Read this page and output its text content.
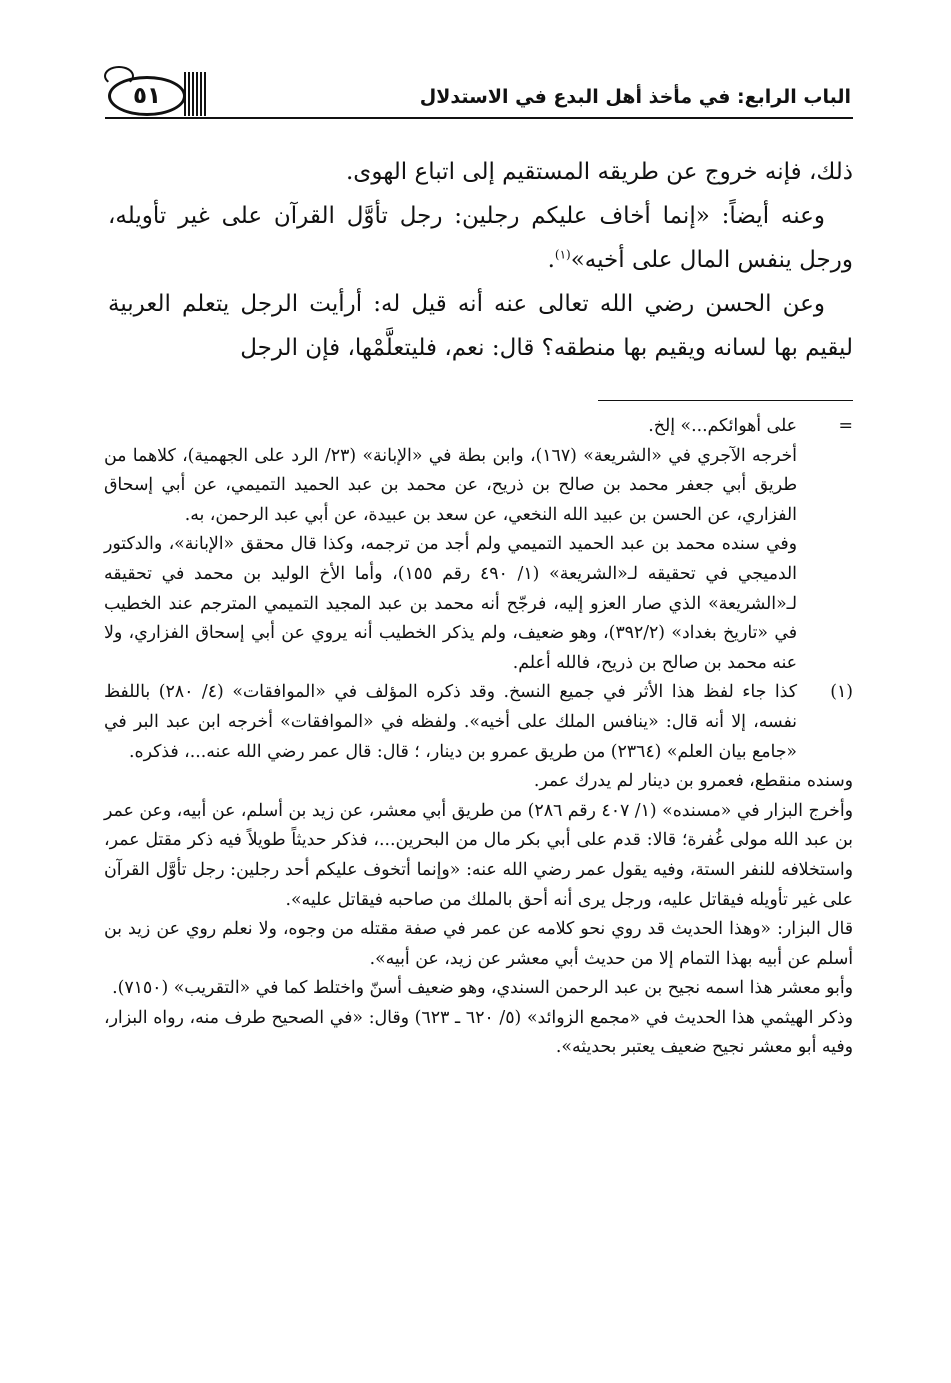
الباب الرابع: في مأخذ أهل البدع في الاستدلال
٥١

ذلك، فإنه خروج عن طريقه المستقيم إلى اتباع الهوى.

وعنه أيضاً: «إنما أخاف عليكم رجلين: رجل تأوَّل القرآن على غير تأويله، ورجل ينفس المال على أخيه»$^{(١)}$.

وعن الحسن رضي الله تعالى عنه أنه قيل له: أرأيت الرجل يتعلم العربية ليقيم بها لسانه ويقيم بها منطقه؟ قال: نعم، فليتعلَّمْها، فإن الرجل

=

على أهوائكم...» إلخ.

أخرجه الآجري في «الشريعة» (١٦٧)، وابن بطة في «الإبانة» (٢٣/ الرد على الجهمية)، كلاهما من طريق أبي جعفر محمد بن صالح بن ذريح، عن محمد بن عبد الحميد التميمي، عن أبي إسحاق الفزاري، عن الحسن بن عبيد الله النخعي، عن سعد بن عبيدة، عن أبي عبد الرحمن، به.

وفي سنده محمد بن عبد الحميد التميمي ولم أجد من ترجمه، وكذا قال محقق «الإبانة»، والدكتور الدميجي في تحقيقه لـ«الشريعة» (١/ ٤٩٠ رقم ١٥٥)، وأما الأخ الوليد بن محمد في تحقيقه لـ«الشريعة» الذي صار العزو إليه، فرجّح أنه محمد بن عبد المجيد التميمي المترجم عند الخطيب في «تاريخ بغداد» (٣٩٢/٢)، وهو ضعيف، ولم يذكر الخطيب أنه يروي عن أبي إسحاق الفزاري، ولا عنه محمد بن صالح بن ذريح، فالله أعلم.

(١)

كذا جاء لفظ هذا الأثر في جميع النسخ. وقد ذكره المؤلف في «الموافقات» (٤/ ٢٨٠) باللفظ نفسه، إلا أنه قال: «ينافس الملك على أخيه». ولفظه في «الموافقات» أخرجه ابن عبد البر في «جامع بيان العلم» (٢٣٦٤) من طريق عمرو بن دينار، ؛ قال: قال عمر رضي الله عنه...، فذكره.

وسنده منقطع، فعمرو بن دينار لم يدرك عمر.

وأخرج البزار في «مسنده» (١/ ٤٠٧ رقم ٢٨٦) من طريق أبي معشر، عن زيد بن أسلم، عن أبيه، وعن عمر بن عبد الله مولى غُفرة؛ قالا: قدم على أبي بكر مال من البحرين...، فذكر حديثاً طويلاً فيه ذكر مقتل عمر، واستخلافه للنفر الستة، وفيه يقول عمر رضي الله عنه: «وإنما أتخوف عليكم أحد رجلين: رجل تأوَّل القرآن على غير تأويله فيقاتل عليه، ورجل يرى أنه أحق بالملك من صاحبه فيقاتل عليه».

قال البزار: «وهذا الحديث قد روي نحو كلامه عن عمر في صفة مقتله من وجوه، ولا نعلم روي عن زيد بن أسلم عن أبيه بهذا التمام إلا من حديث أبي معشر عن زيد، عن أبيه».

وأبو معشر هذا اسمه نجيح بن عبد الرحمن السندي، وهو ضعيف أسنّ واختلط كما في «التقريب» (٧١٥٠).

وذكر الهيثمي هذا الحديث في «مجمع الزوائد» (٥/ ٦٢٠ ـ ٦٢٣) وقال: «في الصحيح طرف منه، رواه البزار، وفيه أبو معشر نجيح ضعيف يعتبر بحديثه».
